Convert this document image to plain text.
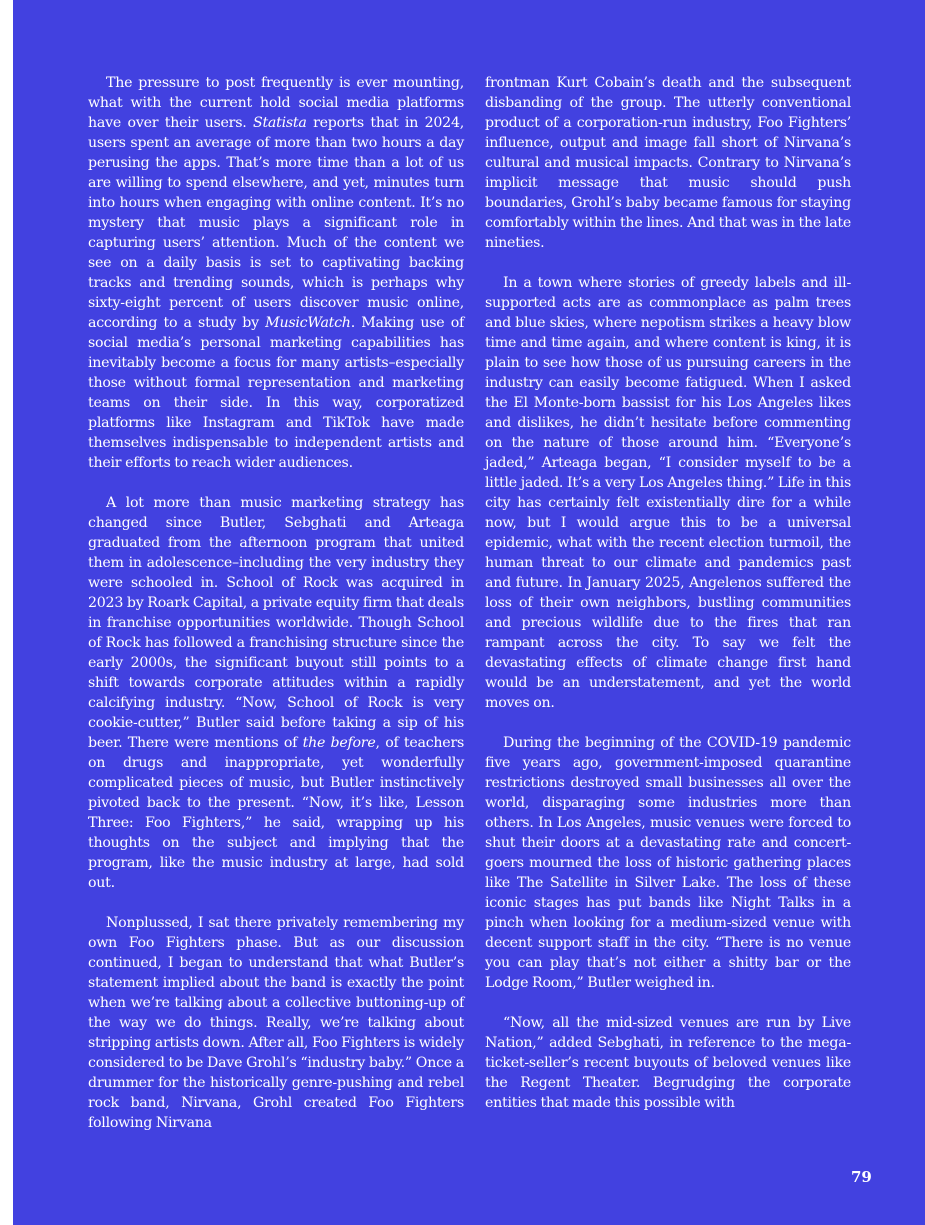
The pressure to post frequently is ever mounting, what with the current hold social media platforms have over their users. Statista reports that in 2024, users spent an average of more than two hours a day perusing the apps. That’s more time than a lot of us are willing to spend elsewhere, and yet, minutes turn into hours when engaging with online content. It’s no mystery that music plays a significant role in capturing users’ attention. Much of the content we see on a daily basis is set to captivating backing tracks and trending sounds, which is perhaps why sixty-eight percent of users discover music online, according to a study by MusicWatch. Making use of social media’s personal marketing capabilities has inevitably become a focus for many artists–especially those without formal representation and marketing teams on their side. In this way, corporatized platforms like Instagram and TikTok have made themselves indispensable to independent artists and their efforts to reach wider audiences.

A lot more than music marketing strategy has changed since Butler, Sebghati and Arteaga graduated from the afternoon program that united them in adolescence–including the very industry they were schooled in. School of Rock was acquired in 2023 by Roark Capital, a private equity firm that deals in franchise opportunities worldwide. Though School of Rock has followed a franchising structure since the early 2000s, the significant buyout still points to a shift towards corporate attitudes within a rapidly calcifying industry. “Now, School of Rock is very cookie-cutter,” Butler said before taking a sip of his beer. There were mentions of the before, of teachers on drugs and inappropriate, yet wonderfully complicated pieces of music, but Butler instinctively pivoted back to the present. “Now, it’s like, Lesson Three: Foo Fighters,” he said, wrapping up his thoughts on the subject and implying that the program, like the music industry at large, had sold out.

Nonplussed, I sat there privately remembering my own Foo Fighters phase. But as our discussion continued, I began to understand that what Butler’s statement implied about the band is exactly the point when we’re talking about a collective buttoning-up of the way we do things. Really, we’re talking about stripping artists down. After all, Foo Fighters is widely considered to be Dave Grohl’s “industry baby.” Once a drummer for the historically genre-pushing and rebel rock band, Nirvana, Grohl created Foo Fighters following Nirvana

frontman Kurt Cobain’s death and the subsequent disbanding of the group. The utterly conventional product of a corporation-run industry, Foo Fighters’ influence, output and image fall short of Nirvana’s cultural and musical impacts. Contrary to Nirvana’s implicit message that music should push boundaries, Grohl’s baby became famous for staying comfortably within the lines. And that was in the late nineties.

In a town where stories of greedy labels and ill-supported acts are as commonplace as palm trees and blue skies, where nepotism strikes a heavy blow time and time again, and where content is king, it is plain to see how those of us pursuing careers in the industry can easily become fatigued. When I asked the El Monte-born bassist for his Los Angeles likes and dislikes, he didn’t hesitate before commenting on the nature of those around him. “Everyone’s jaded,” Arteaga began, “I consider myself to be a little jaded. It’s a very Los Angeles thing.” Life in this city has certainly felt existentially dire for a while now, but I would argue this to be a universal epidemic, what with the recent election turmoil, the human threat to our climate and pandemics past and future. In January 2025, Angelenos suffered the loss of their own neighbors, bustling communities and precious wildlife due to the fires that ran rampant across the city. To say we felt the devastating effects of climate change first hand would be an understatement, and yet the world moves on.

During the beginning of the COVID-19 pandemic five years ago, government-imposed quarantine restrictions destroyed small businesses all over the world, disparaging some industries more than others. In Los Angeles, music venues were forced to shut their doors at a devastating rate and concert-goers mourned the loss of historic gathering places like The Satellite in Silver Lake. The loss of these iconic stages has put bands like Night Talks in a pinch when looking for a medium-sized venue with decent support staff in the city. “There is no venue you can play that’s not either a shitty bar or the Lodge Room,” Butler weighed in.

“Now, all the mid-sized venues are run by Live Nation,” added Sebghati, in reference to the mega-ticket-seller’s recent buyouts of beloved venues like the Regent Theater. Begrudging the corporate entities that made this possible with

79
